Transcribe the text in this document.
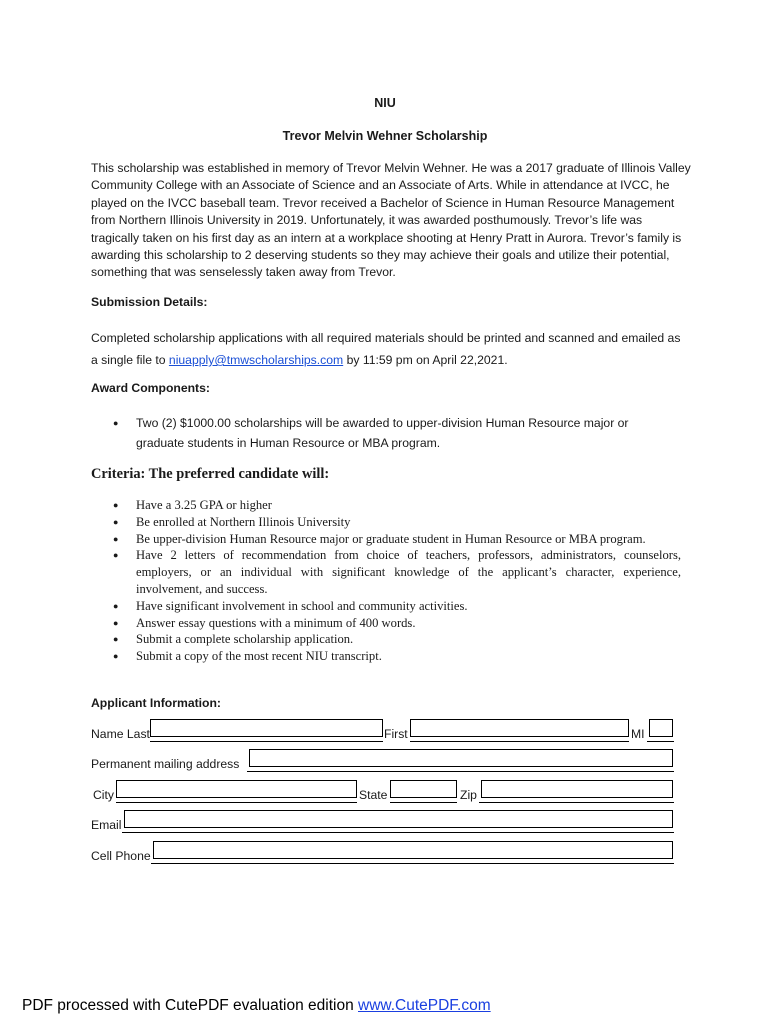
NIU
Trevor Melvin Wehner Scholarship
This scholarship was established in memory of Trevor Melvin Wehner. He was a 2017 graduate of Illinois Valley Community College with an Associate of Science and an Associate of Arts. While in attendance at IVCC, he played on the IVCC baseball team. Trevor received a Bachelor of Science in Human Resource Management from Northern Illinois University in 2019. Unfortunately, it was awarded posthumously. Trevor’s life was tragically taken on his first day as an intern at a workplace shooting at Henry Pratt in Aurora. Trevor’s family is awarding this scholarship to 2 deserving students so they may achieve their goals and utilize their potential, something that was senselessly taken away from Trevor.
Submission Details:
Completed scholarship applications with all required materials should be printed and scanned and emailed as a single file to niuapply@tmwscholarships.com by 11:59 pm on April 22,2021.
Award Components:
● Two (2) $1000.00 scholarships will be awarded to upper-division Human Resource major or graduate students in Human Resource or MBA program.
Criteria: The preferred candidate will:
● Have a 3.25 GPA or higher
● Be enrolled at Northern Illinois University
● Be upper-division Human Resource major or graduate student in Human Resource or MBA program.
● Have 2 letters of recommendation from choice of teachers, professors, administrators, counselors, employers, or an individual with significant knowledge of the applicant’s character, experience, involvement, and success.
● Have significant involvement in school and community activities.
● Answer essay questions with a minimum of 400 words.
● Submit a complete scholarship application.
● Submit a copy of the most recent NIU transcript.
Applicant Information:
Name Last	First	MI
Permanent mailing address
City	State	Zip
Email
Cell Phone
PDF processed with CutePDF evaluation edition www.CutePDF.com
